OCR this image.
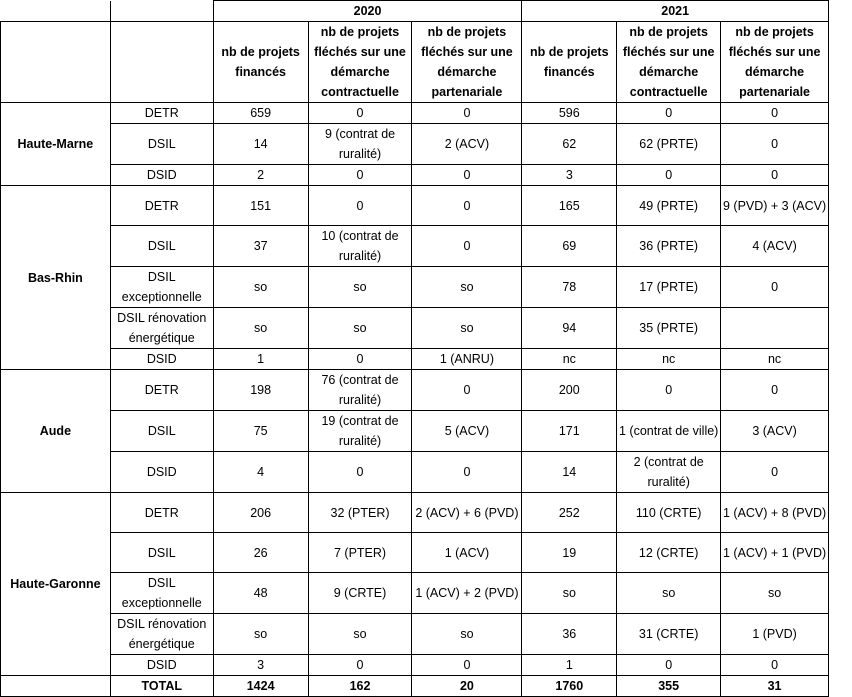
		2020			2021			
		nb de projets financés	nb de projets fléchés sur une démarche contractuelle	nb de projets fléchés sur une démarche partenariale	nb de projets financés	nb de projets fléchés sur une démarche contractuelle	nb de projets fléchés sur une démarche partenariale	
Haute-Marne	DETR	659	0	0	596	0	0	
	DSIL	14	9 (contrat de ruralité)	2 (ACV)	62	62 (PRTE)	0	
	DSID	2	0	0	3	0	0	
Bas-Rhin	DETR	151	0	0	165	49 (PRTE)	9 (PVD) + 3 (ACV)	
	DSIL	37	10 (contrat de ruralité)	0	69	36 (PRTE)	4 (ACV)	
	DSIL exceptionnelle	so	so	so	78	17 (PRTE)	0	
	DSIL rénovation énergétique	so	so	so	94	35 (PRTE)		
	DSID	1	0	1 (ANRU)	nc	nc	nc	
Aude	DETR	198	76 (contrat de ruralité)	0	200	0	0	
	DSIL	75	19 (contrat de ruralité)	5 (ACV)	171	1 (contrat de ville)	3 (ACV)	
	DSID	4	0	0	14	2 (contrat de ruralité)	0	
Haute-Garonne	DETR	206	32 (PTER)	2 (ACV) + 6 (PVD)	252	110 (CRTE)	1 (ACV) + 8 (PVD)	
	DSIL	26	7 (PTER)	1 (ACV)	19	12 (CRTE)	1 (ACV) + 1 (PVD)	
	DSIL exceptionnelle	48	9 (CRTE)	1 (ACV) + 2 (PVD)	so	so	so	
	DSIL rénovation énergétique	so	so	so	36	31 (CRTE)	1 (PVD)	
	DSID	3	0	0	1	0	0	
	TOTAL	1424	162	20	1760	355	31	
